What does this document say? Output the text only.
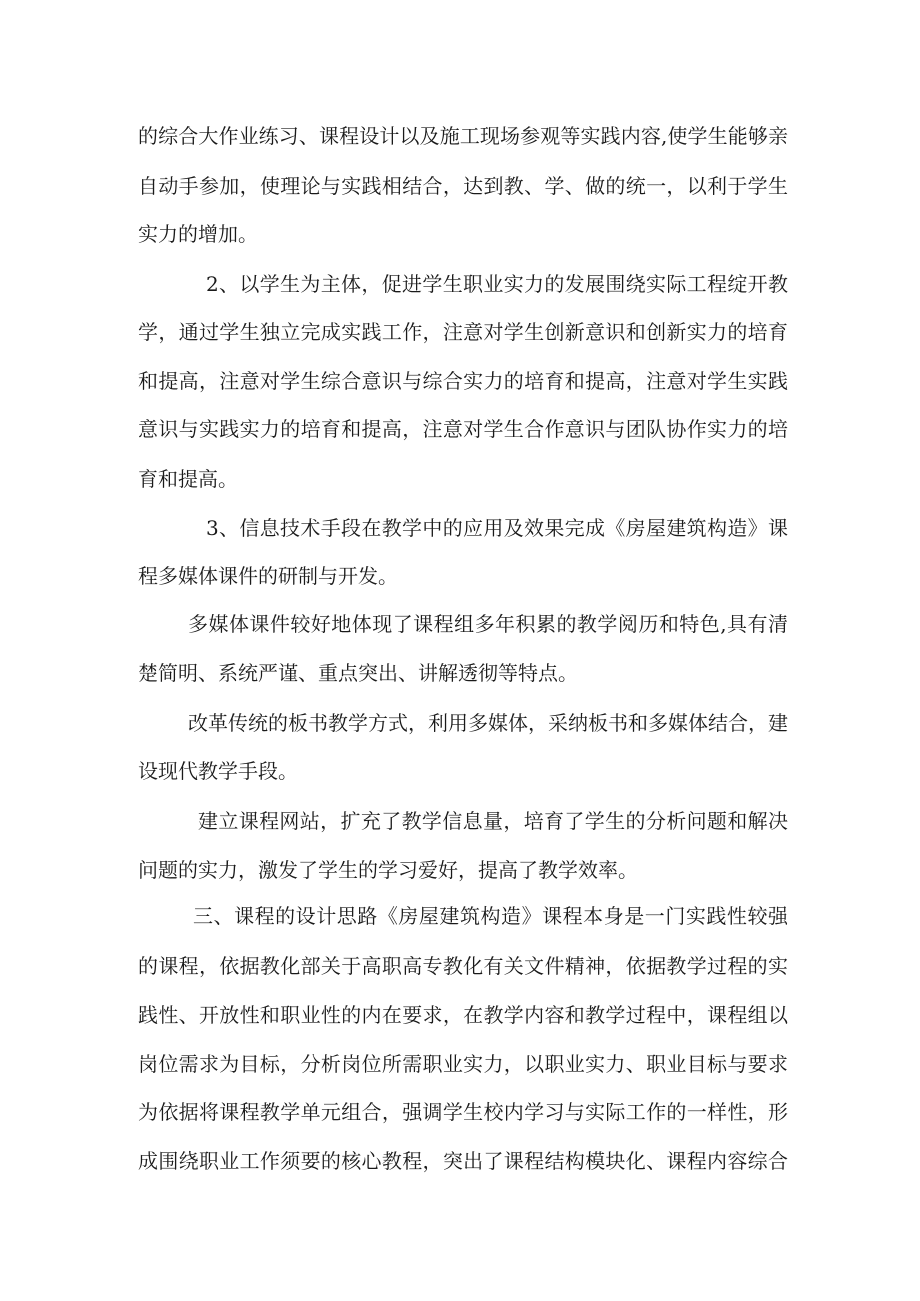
的综合大作业练习、课程设计以及施工现场参观等实践内容,使学生能够亲
自动手参加，使理论与实践相结合，达到教、学、做的统一，以利于学生
实力的增加。
2、以学生为主体，促进学生职业实力的发展围绕实际工程绽开教
学，通过学生独立完成实践工作，注意对学生创新意识和创新实力的培育
和提高，注意对学生综合意识与综合实力的培育和提高，注意对学生实践
意识与实践实力的培育和提高，注意对学生合作意识与团队协作实力的培
育和提高。
3、信息技术手段在教学中的应用及效果完成《房屋建筑构造》课
程多媒体课件的研制与开发。
多媒体课件较好地体现了课程组多年积累的教学阅历和特色,具有清
楚简明、系统严谨、重点突出、讲解透彻等特点。
改革传统的板书教学方式，利用多媒体，采纳板书和多媒体结合，建
设现代教学手段。
建立课程网站，扩充了教学信息量，培育了学生的分析问题和解决
问题的实力，激发了学生的学习爱好，提高了教学效率。
三、课程的设计思路《房屋建筑构造》课程本身是一门实践性较强
的课程，依据教化部关于高职高专教化有关文件精神，依据教学过程的实
践性、开放性和职业性的内在要求，在教学内容和教学过程中，课程组以
岗位需求为目标，分析岗位所需职业实力，以职业实力、职业目标与要求
为依据将课程教学单元组合，强调学生校内学习与实际工作的一样性，形
成围绕职业工作须要的核心教程，突出了课程结构模块化、课程内容综合
